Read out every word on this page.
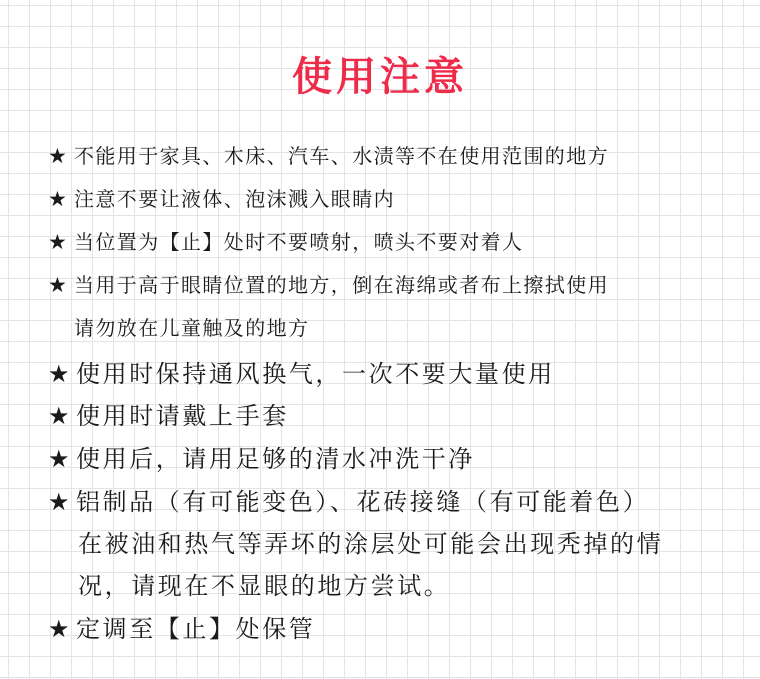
使用注意
★ 不能用于家具、木床、汽车、水渍等不在使用范围的地方
★ 注意不要让液体、泡沫溅入眼睛内
★ 当位置为【止】处时不要喷射，喷头不要对着人
★ 当用于高于眼睛位置的地方，倒在海绵或者布上擦拭使用
请勿放在儿童触及的地方
★ 使用时保持通风换气，一次不要大量使用
★ 使用时请戴上手套
★ 使用后，请用足够的清水冲洗干净
★ 铝制品（有可能变色）、花砖接缝（有可能着色）
在被油和热气等弄坏的涂层处可能会出现秃掉的情
况，请现在不显眼的地方尝试。
★ 定调至【止】处保管
